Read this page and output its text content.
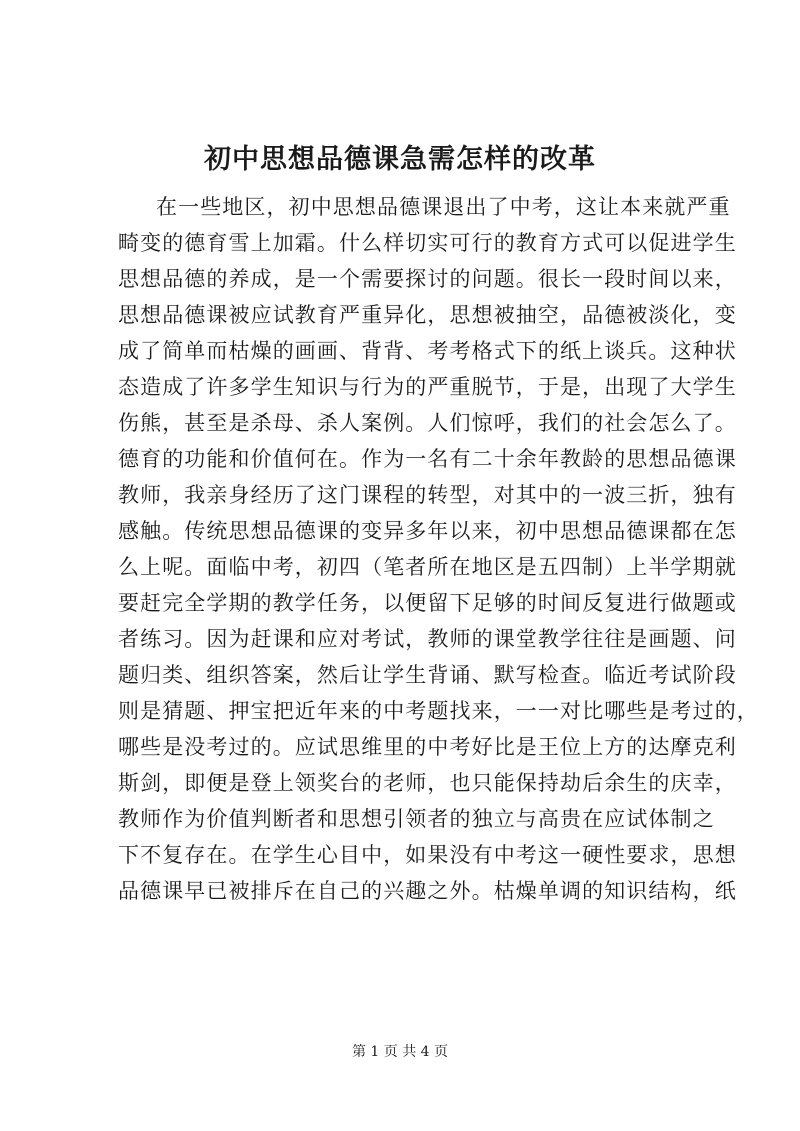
初中思想品德课急需怎样的改革
在一些地区，初中思想品德课退出了中考，这让本来就严重
畸变的德育雪上加霜。什么样切实可行的教育方式可以促进学生
思想品德的养成，是一个需要探讨的问题。很长一段时间以来，
思想品德课被应试教育严重异化，思想被抽空，品德被淡化，变
成了简单而枯燥的画画、背背、考考格式下的纸上谈兵。这种状
态造成了许多学生知识与行为的严重脱节，于是，出现了大学生
伤熊，甚至是杀母、杀人案例。人们惊呼，我们的社会怎么了。
德育的功能和价值何在。作为一名有二十余年教龄的思想品德课
教师，我亲身经历了这门课程的转型，对其中的一波三折，独有
感触。传统思想品德课的变异多年以来，初中思想品德课都在怎
么上呢。面临中考，初四（笔者所在地区是五四制）上半学期就
要赶完全学期的教学任务，以便留下足够的时间反复进行做题或
者练习。因为赶课和应对考试，教师的课堂教学往往是画题、问
题归类、组织答案，然后让学生背诵、默写检查。临近考试阶段
则是猜题、押宝把近年来的中考题找来，一一对比哪些是考过的，
哪些是没考过的。应试思维里的中考好比是王位上方的达摩克利
斯剑，即便是登上领奖台的老师，也只能保持劫后余生的庆幸，
教师作为价值判断者和思想引领者的独立与高贵在应试体制之
下不复存在。在学生心目中，如果没有中考这一硬性要求，思想
品德课早已被排斥在自己的兴趣之外。枯燥单调的知识结构，纸
第 1 页 共 4 页
